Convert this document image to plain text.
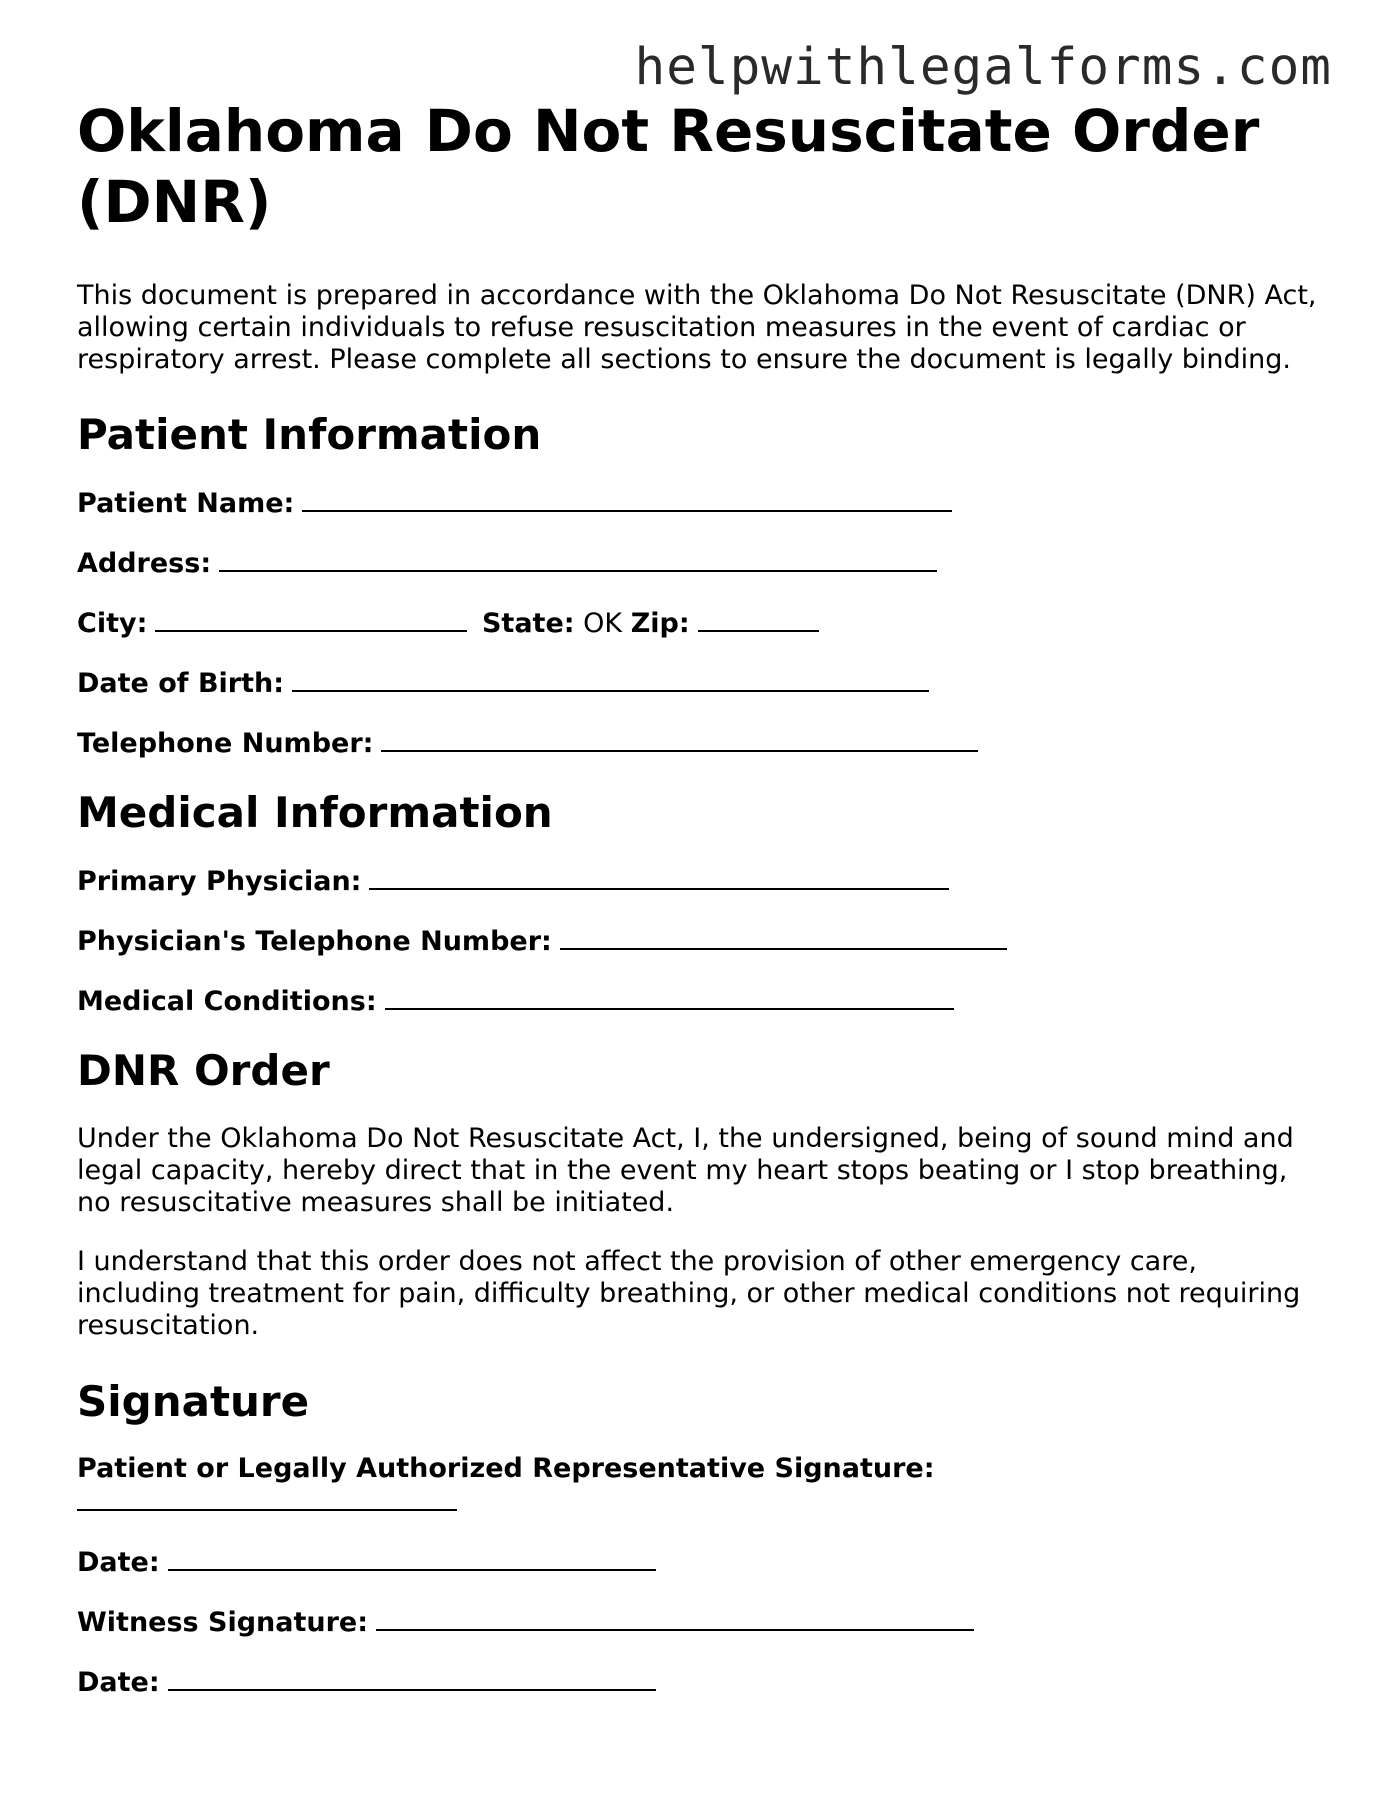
helpwithlegalforms.com
Oklahoma Do Not Resuscitate Order (DNR)

This document is prepared in accordance with the Oklahoma Do Not Resuscitate (DNR) Act, allowing certain individuals to refuse resuscitation measures in the event of cardiac or respiratory arrest. Please complete all sections to ensure the document is legally binding.

Patient Information
Patient Name:
Address:
City:	State: OK Zip:
Date of Birth:
Telephone Number:
Medical Information
Primary Physician:
Physician's Telephone Number:
Medical Conditions:
DNR Order

Under the Oklahoma Do Not Resuscitate Act, I, the undersigned, being of sound mind and legal capacity, hereby direct that in the event my heart stops beating or I stop breathing, no resuscitative measures shall be initiated.

I understand that this order does not affect the provision of other emergency care, including treatment for pain, difficulty breathing, or other medical conditions not requiring resuscitation.

Signature
Patient or Legally Authorized Representative Signature:

Date:
Witness Signature:
Date:
